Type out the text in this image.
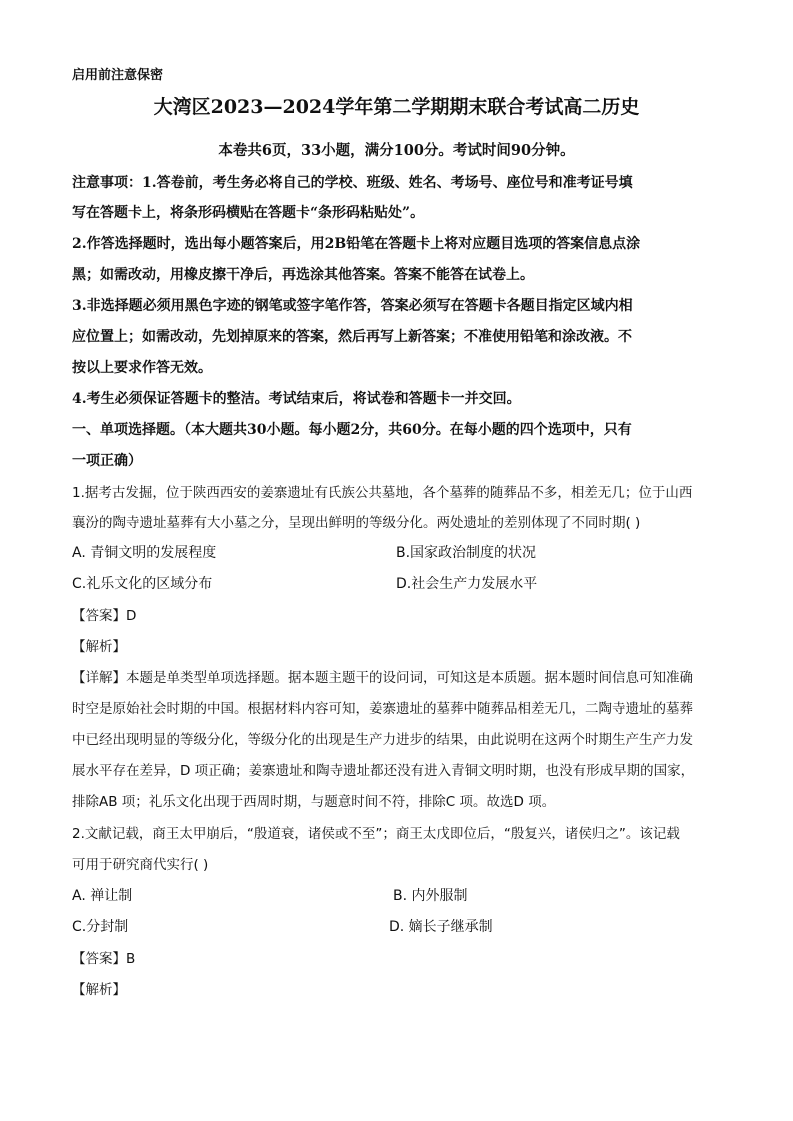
启用前注意保密
大湾区2023—2024学年第二学期期末联合考试高二历史
本卷共6页，33小题，满分100分。考试时间90分钟。
注意事项：1.答卷前，考生务必将自己的学校、班级、姓名、考场号、座位号和准考证号填
写在答题卡上，将条形码横贴在答题卡“条形码粘贴处”。
2.作答选择题时，选出每小题答案后，用2B铅笔在答题卡上将对应题目选项的答案信息点涂
黑；如需改动，用橡皮擦干净后，再选涂其他答案。答案不能答在试卷上。
3.非选择题必须用黑色字迹的钢笔或签字笔作答，答案必须写在答题卡各题目指定区域内相
应位置上；如需改动，先划掉原来的答案，然后再写上新答案；不准使用铅笔和涂改液。不
按以上要求作答无效。
4.考生必须保证答题卡的整洁。考试结束后，将试卷和答题卡一并交回。
一、单项选择题。（本大题共30小题。每小题2分，共60分。在每小题的四个选项中，只有
一项正确）
1.据考古发掘，位于陕西西安的姜寨遗址有氏族公共墓地，各个墓葬的随葬品不多，相差无几；位于山西
襄汾的陶寺遗址墓葬有大小墓之分，呈现出鲜明的等级分化。两处遗址的差别体现了不同时期( )
A. 青铜文明的发展程度	B.国家政治制度的状况
C.礼乐文化的区域分布	D.社会生产力发展水平
【答案】D
【解析】
【详解】本题是单类型单项选择题。据本题主题干的设问词，可知这是本质题。据本题时间信息可知准确
时空是原始社会时期的中国。根据材料内容可知，姜寨遗址的墓葬中随葬品相差无几，二陶寺遗址的墓葬
中已经出现明显的等级分化，等级分化的出现是生产力进步的结果，由此说明在这两个时期生产生产力发
展水平存在差异，D 项正确；姜寨遗址和陶寺遗址都还没有进入青铜文明时期，也没有形成早期的国家，
排除AB 项；礼乐文化出现于西周时期，与题意时间不符，排除C 项。故选D 项。
2.文献记载，商王太甲崩后，“殷道衰，诸侯或不至”；商王太戊即位后，“殷复兴，诸侯归之”。该记载
可用于研究商代实行( )
A. 禅让制	B. 内外服制
C.分封制	D. 嫡长子继承制
【答案】B
【解析】
